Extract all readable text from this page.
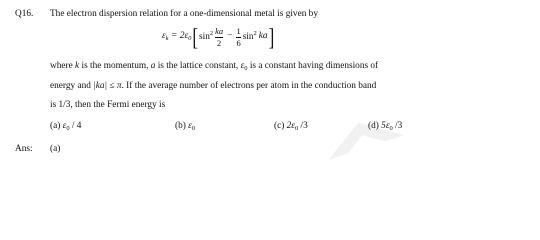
Q16. The electron dispersion relation for a one-dimensional metal is given by
$\varepsilon_k = 2\varepsilon_0$ [ $\sin^2 \frac{ka}{2} - \frac{1}{6} \sin^2$ ka ]
where k is the momentum, a is the lattice constant, $\varepsilon_0$ is a constant having dimensions of
energy and |ka| ≤ π. If the average number of electrons per atom in the conduction band
is 1/3, then the Fermi energy is
(a) $\varepsilon_0 / 4$	(b) $\varepsilon_0$	(c) $2\varepsilon_0$ /3	(d) $5\varepsilon_0$ /3
Ans: (a)
